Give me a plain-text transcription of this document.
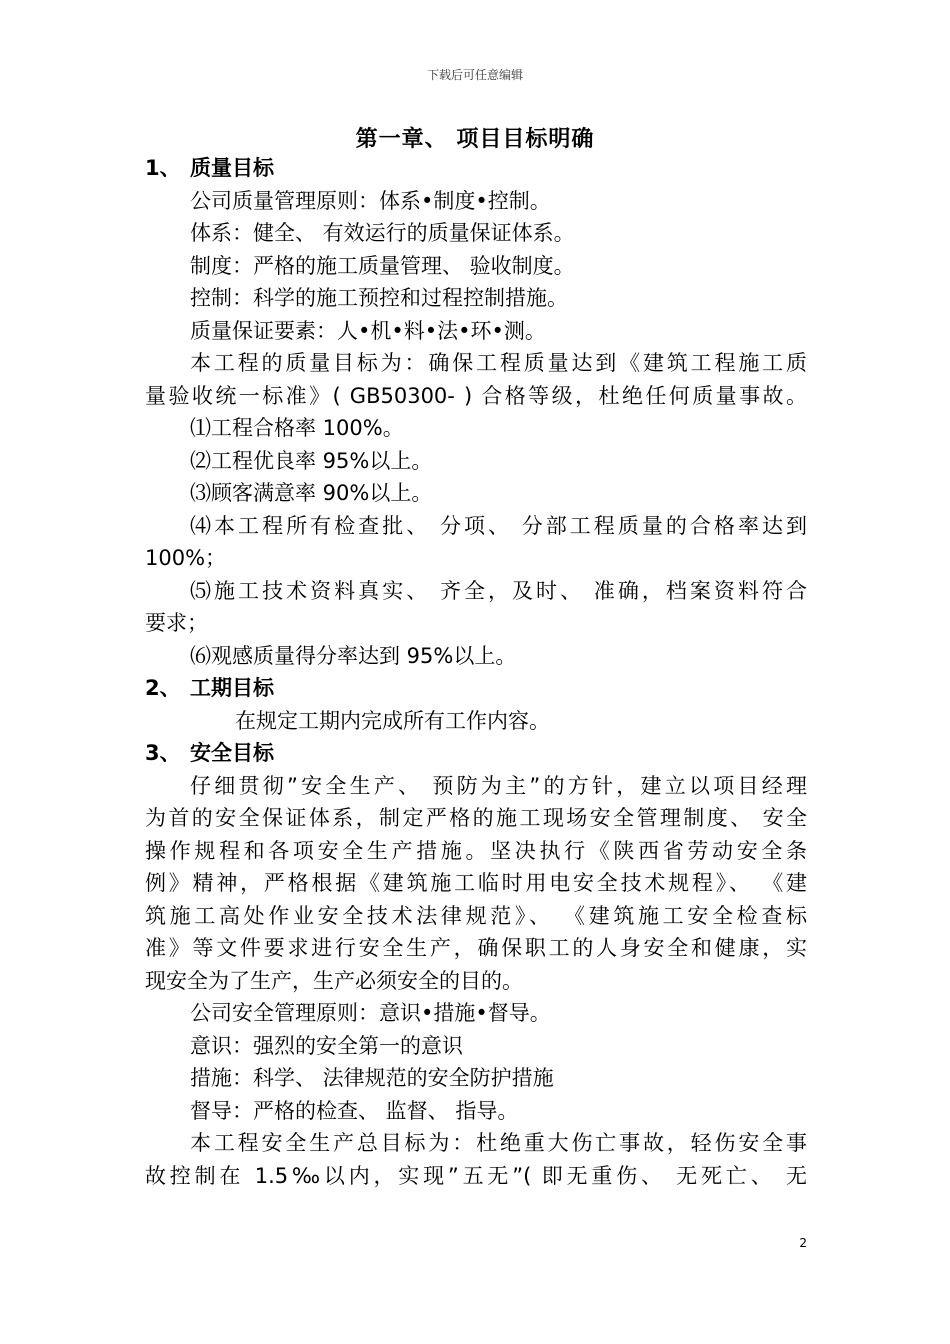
下载后可任意编辑
第一章、 项目目标明确
1、 质量目标
公司质量管理原则：体系•制度•控制。
体系：健全、 有效运行的质量保证体系。
制度：严格的施工质量管理、 验收制度。
控制：科学的施工预控和过程控制措施。
质量保证要素：人•机•料•法•环•测。
本工程的质量目标为：确保工程质量达到《建筑工程施工质
量验收统一标准》( GB50300- ) 合格等级，杜绝任何质量事故。
⑴工程合格率 100%。
⑵工程优良率 95%以上。
⑶顾客满意率 90%以上。
⑷本工程所有检查批、 分项、 分部工程质量的合格率达到
100%；
⑸施工技术资料真实、 齐全，及时、 准确，档案资料符合
要求；
⑹观感质量得分率达到 95%以上。
2、 工期目标
在规定工期内完成所有工作内容。
3、 安全目标
仔细贯彻”安全生产、 预防为主”的方针，建立以项目经理
为首的安全保证体系，制定严格的施工现场安全管理制度、 安全
操作规程和各项安全生产措施。坚决执行《陕西省劳动安全条
例》精神，严格根据《建筑施工临时用电安全技术规程》、 《建
筑施工高处作业安全技术法律规范》、 《建筑施工安全检查标
准》等文件要求进行安全生产，确保职工的人身安全和健康，实
现安全为了生产，生产必须安全的目的。
公司安全管理原则：意识•措施•督导。
意识：强烈的安全第一的意识
措施：科学、 法律规范的安全防护措施
督导：严格的检查、 监督、 指导。
本工程安全生产总目标为：杜绝重大伤亡事故，轻伤安全事
故控制在 1.5‰以内，实现”五无”( 即无重伤、 无死亡、 无
2
